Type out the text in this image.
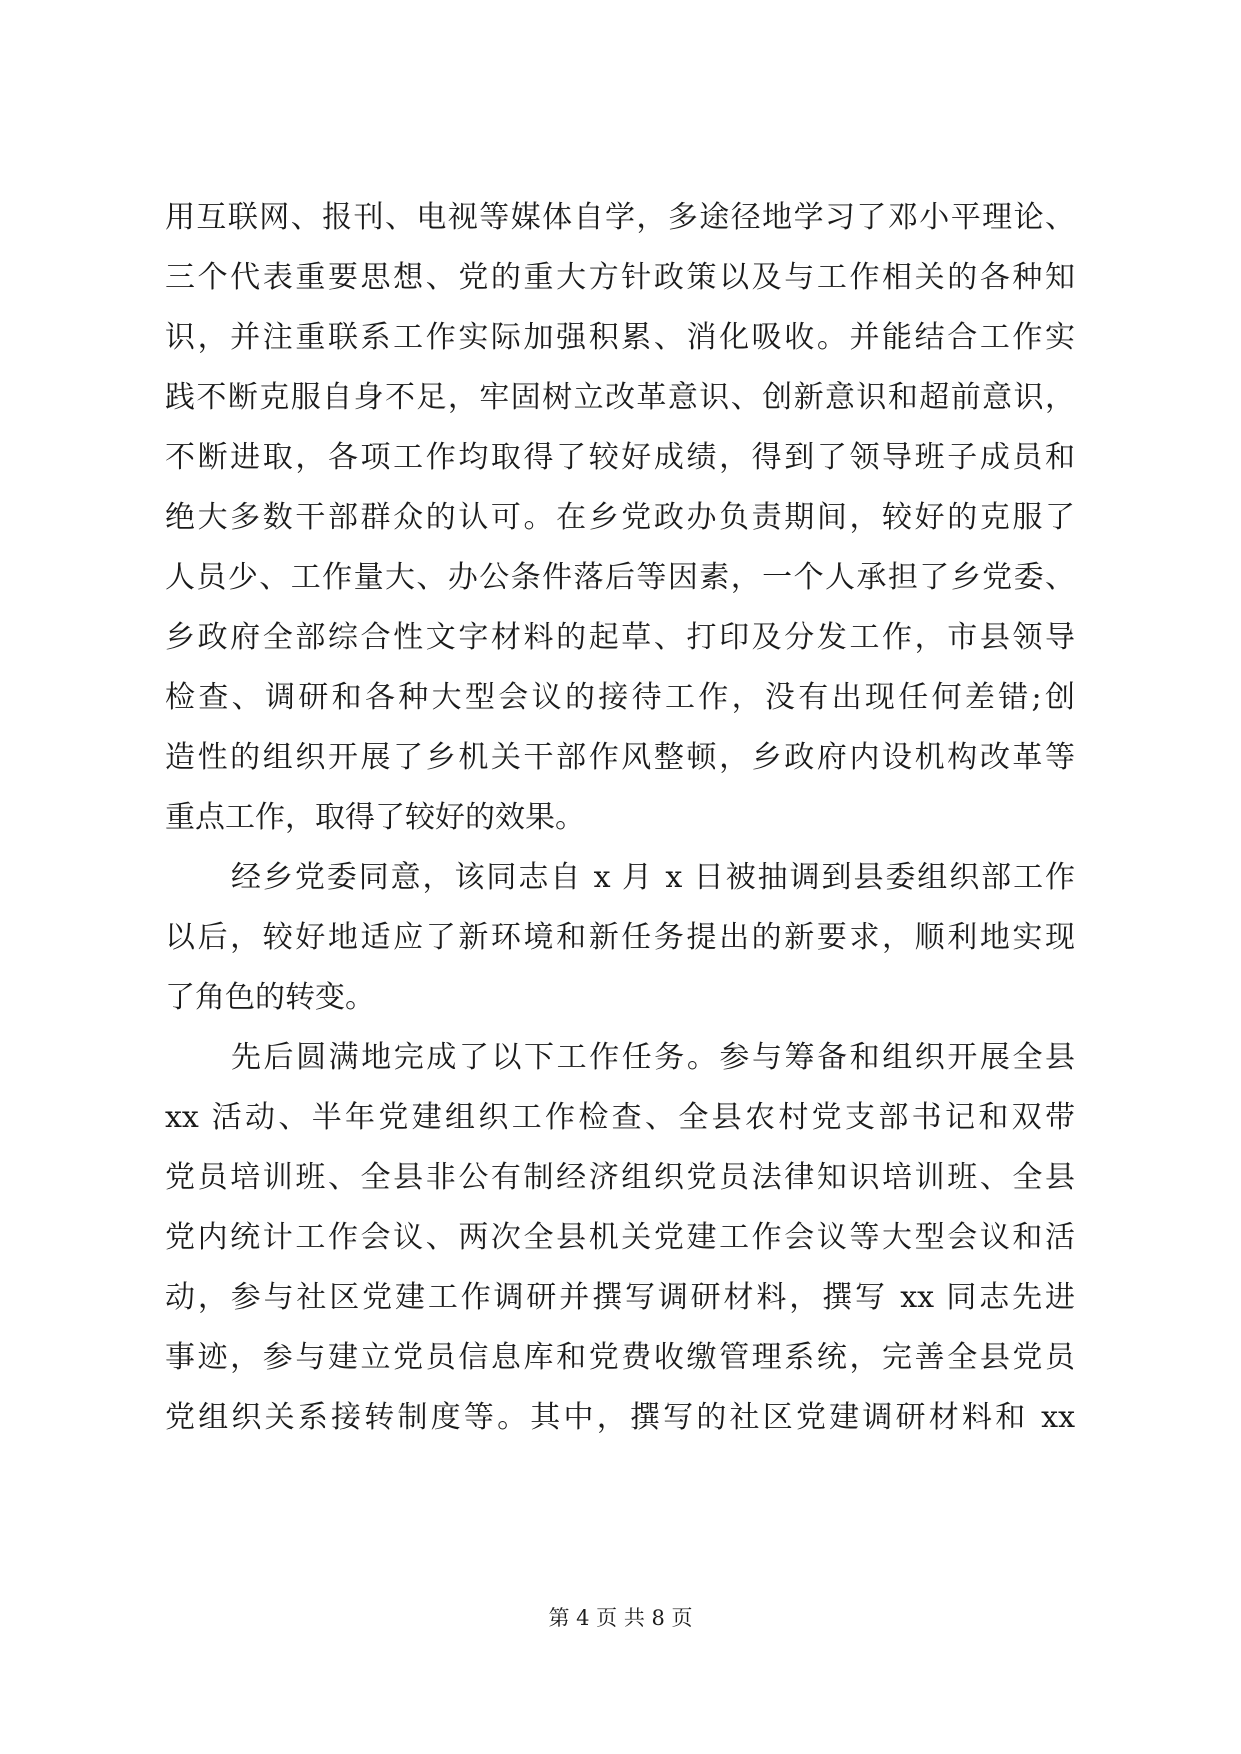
用互联网、报刊、电视等媒体自学，多途径地学习了邓小平理论、
三个代表重要思想、党的重大方针政策以及与工作相关的各种知
识，并注重联系工作实际加强积累、消化吸收。并能结合工作实
践不断克服自身不足，牢固树立改革意识、创新意识和超前意识，
不断进取，各项工作均取得了较好成绩，得到了领导班子成员和
绝大多数干部群众的认可。在乡党政办负责期间，较好的克服了
人员少、工作量大、办公条件落后等因素，一个人承担了乡党委、
乡政府全部综合性文字材料的起草、打印及分发工作，市县领导
检查、调研和各种大型会议的接待工作，没有出现任何差错;创
造性的组织开展了乡机关干部作风整顿，乡政府内设机构改革等
重点工作，取得了较好的效果。
经乡党委同意，该同志自 x 月 x 日被抽调到县委组织部工作
以后，较好地适应了新环境和新任务提出的新要求，顺利地实现
了角色的转变。
先后圆满地完成了以下工作任务。参与筹备和组织开展全县
xx 活动、半年党建组织工作检查、全县农村党支部书记和双带
党员培训班、全县非公有制经济组织党员法律知识培训班、全县
党内统计工作会议、两次全县机关党建工作会议等大型会议和活
动，参与社区党建工作调研并撰写调研材料，撰写 xx 同志先进
事迹，参与建立党员信息库和党费收缴管理系统，完善全县党员
党组织关系接转制度等。其中，撰写的社区党建调研材料和 xx
第 4 页 共 8 页
